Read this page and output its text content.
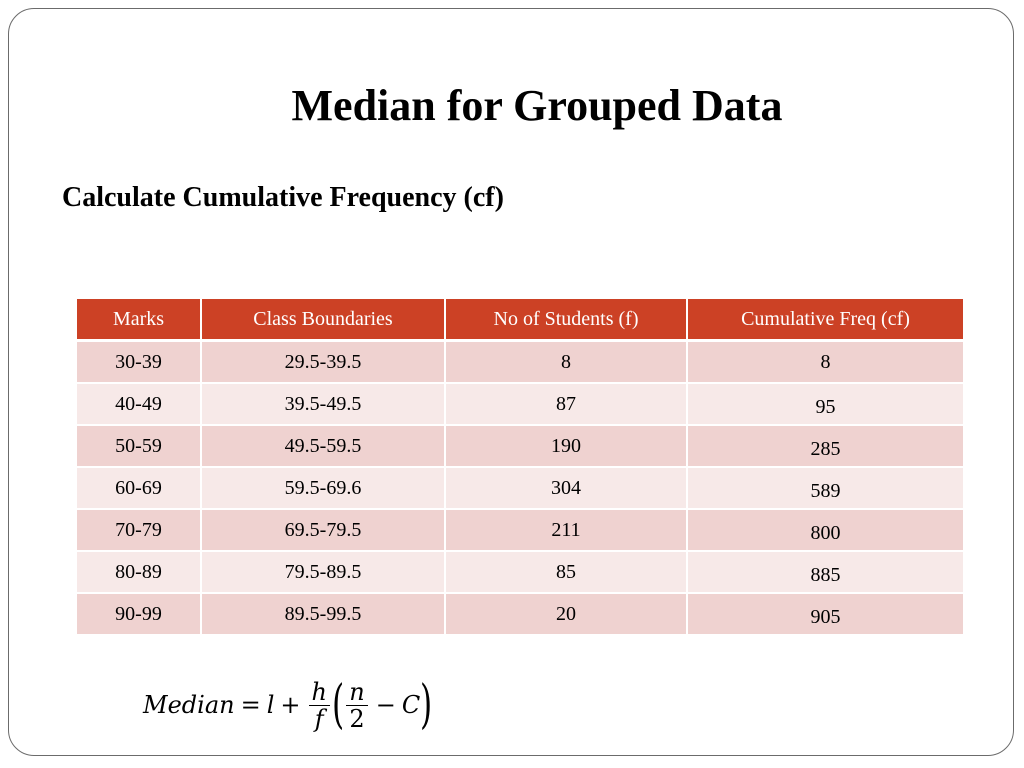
Median for Grouped Data
Calculate Cumulative Frequency (cf)
Marks	Class Boundaries	No of Students (f)	Cumulative Freq (cf)
30-39	29.5-39.5	8	8
40-49	39.5-49.5	87	95
50-59	49.5-59.5	190	285
60-69	59.5-69.6	304	589
70-79	69.5-79.5	211	800
80-89	79.5-89.5	85	885
90-99	89.5-99.5	20	905
Median = $l + \frac{h}{f}$ ( $\frac{n}{2} - C$ )
